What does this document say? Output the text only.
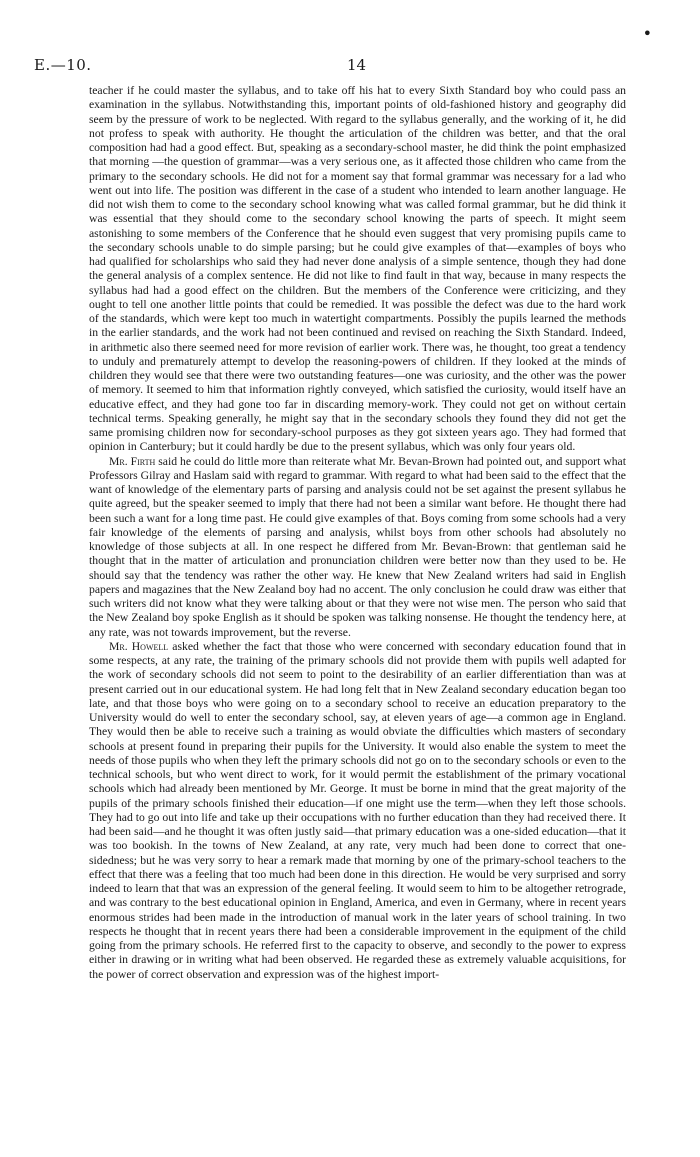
E.—10.	14
•

teacher if he could master the syllabus, and to take off his hat to every Sixth Standard boy who could pass an examination in the syllabus. Notwithstanding this, important points of old-fashioned history and geography did seem by the pressure of work to be neglected. With regard to the syllabus generally, and the working of it, he did not profess to speak with authority. He thought the articulation of the children was better, and that the oral composition had had a good effect. But, speaking as a secondary-school master, he did think the point emphasized that morning —the question of grammar—was a very serious one, as it affected those children who came from the primary to the secondary schools. He did not for a moment say that formal grammar was necessary for a lad who went out into life. The position was different in the case of a student who intended to learn another language. He did not wish them to come to the secondary school knowing what was called formal grammar, but he did think it was essential that they should come to the secondary school knowing the parts of speech. It might seem astonishing to some members of the Conference that he should even suggest that very promising pupils came to the secondary schools unable to do simple parsing; but he could give examples of that—examples of boys who had qualified for scholarships who said they had never done analysis of a simple sentence, though they had done the general analysis of a complex sentence. He did not like to find fault in that way, because in many respects the syllabus had had a good effect on the children. But the members of the Conference were criticizing, and they ought to tell one another little points that could be remedied. It was possible the defect was due to the hard work of the standards, which were kept too much in watertight compartments. Possibly the pupils learned the methods in the earlier standards, and the work had not been continued and revised on reaching the Sixth Standard. Indeed, in arithmetic also there seemed need for more revision of earlier work. There was, he thought, too great a tendency to unduly and prematurely attempt to develop the reasoning-powers of children. If they looked at the minds of children they would see that there were two outstanding features—one was curiosity, and the other was the power of memory. It seemed to him that information rightly conveyed, which satisfied the curiosity, would itself have an educative effect, and they had gone too far in discarding memory-work. They could not get on without certain technical terms. Speaking generally, he might say that in the secondary schools they found they did not get the same promising children now for secondary-school purposes as they got sixteen years ago. They had formed that opinion in Canterbury; but it could hardly be due to the present syllabus, which was only four years old.

Mr. Firth said he could do little more than reiterate what Mr. Bevan-Brown had pointed out, and support what Professors Gilray and Haslam said with regard to grammar. With regard to what had been said to the effect that the want of knowledge of the elementary parts of parsing and analysis could not be set against the present syllabus he quite agreed, but the speaker seemed to imply that there had not been a similar want before. He thought there had been such a want for a long time past. He could give examples of that. Boys coming from some schools had a very fair knowledge of the elements of parsing and analysis, whilst boys from other schools had absolutely no knowledge of those subjects at all. In one respect he differed from Mr. Bevan-Brown: that gentleman said he thought that in the matter of articulation and pronunciation children were better now than they used to be. He should say that the tendency was rather the other way. He knew that New Zealand writers had said in English papers and magazines that the New Zealand boy had no accent. The only conclusion he could draw was either that such writers did not know what they were talking about or that they were not wise men. The person who said that the New Zealand boy spoke English as it should be spoken was talking nonsense. He thought the tendency here, at any rate, was not towards improvement, but the reverse.

Mr. Howell asked whether the fact that those who were concerned with secondary education found that in some respects, at any rate, the training of the primary schools did not provide them with pupils well adapted for the work of secondary schools did not seem to point to the desirability of an earlier differentiation than was at present carried out in our educational system. He had long felt that in New Zealand secondary education began too late, and that those boys who were going on to a secondary school to receive an education preparatory to the University would do well to enter the secondary school, say, at eleven years of age—a common age in England. They would then be able to receive such a training as would obviate the difficulties which masters of secondary schools at present found in preparing their pupils for the University. It would also enable the system to meet the needs of those pupils who when they left the primary schools did not go on to the secondary schools or even to the technical schools, but who went direct to work, for it would permit the establishment of the primary vocational schools which had already been mentioned by Mr. George. It must be borne in mind that the great majority of the pupils of the primary schools finished their education—if one might use the term—when they left those schools. They had to go out into life and take up their occupations with no further education than they had received there. It had been said—and he thought it was often justly said—that primary education was a one-sided education—that it was too bookish. In the towns of New Zealand, at any rate, very much had been done to correct that one-sidedness; but he was very sorry to hear a remark made that morning by one of the primary-school teachers to the effect that there was a feeling that too much had been done in this direction. He would be very surprised and sorry indeed to learn that that was an expression of the general feeling. It would seem to him to be altogether retrograde, and was contrary to the best educational opinion in England, America, and even in Germany, where in recent years enormous strides had been made in the introduction of manual work in the later years of school training. In two respects he thought that in recent years there had been a considerable improvement in the equipment of the child going from the primary schools. He referred first to the capacity to observe, and secondly to the power to express either in drawing or in writing what had been observed. He regarded these as extremely valuable acquisitions, for the power of correct observation and expression was of the highest import-
